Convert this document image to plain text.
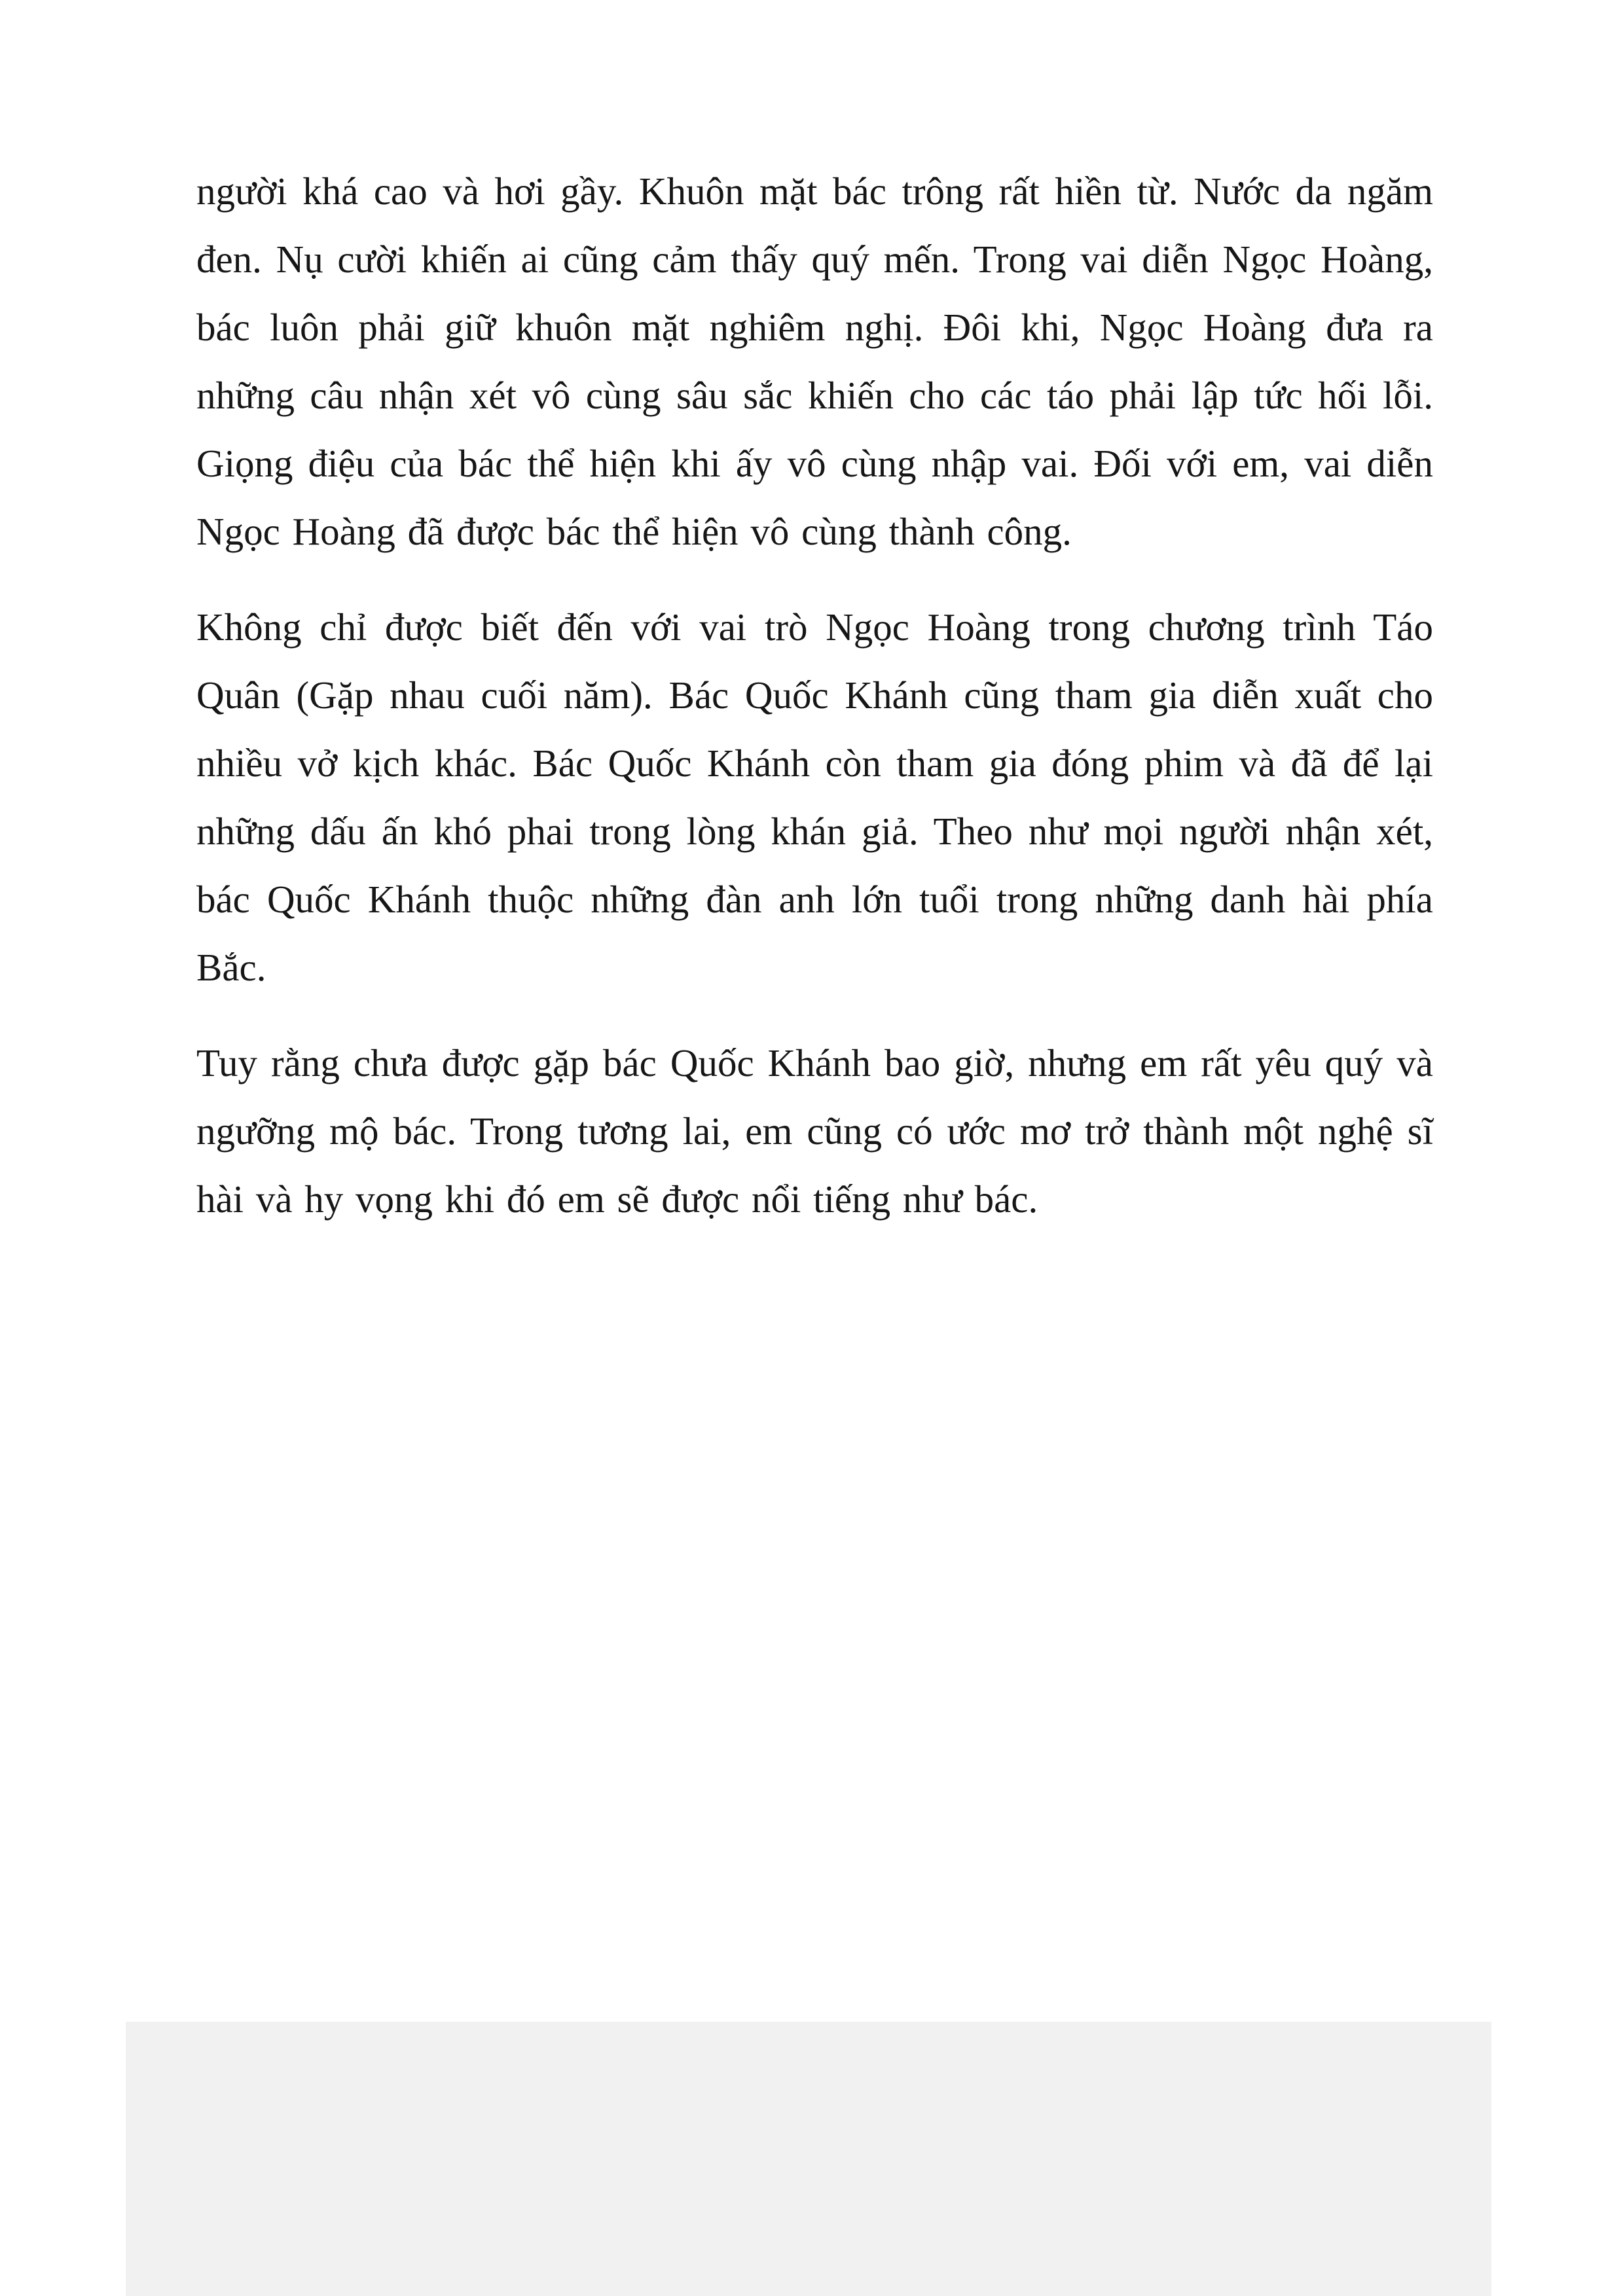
người khá cao và hơi gầy. Khuôn mặt bác trông rất hiền từ. Nước da ngăm đen. Nụ cười khiến ai cũng cảm thấy quý mến. Trong vai diễn Ngọc Hoàng, bác luôn phải giữ khuôn mặt nghiêm nghị. Đôi khi, Ngọc Hoàng đưa ra những câu nhận xét vô cùng sâu sắc khiến cho các táo phải lập tức hối lỗi. Giọng điệu của bác thể hiện khi ấy vô cùng nhập vai. Đối với em, vai diễn Ngọc Hoàng đã được bác thể hiện vô cùng thành công.

Không chỉ được biết đến với vai trò Ngọc Hoàng trong chương trình Táo Quân (Gặp nhau cuối năm). Bác Quốc Khánh cũng tham gia diễn xuất cho nhiều vở kịch khác. Bác Quốc Khánh còn tham gia đóng phim và đã để lại những dấu ấn khó phai trong lòng khán giả. Theo như mọi người nhận xét, bác Quốc Khánh thuộc những đàn anh lớn tuổi trong những danh hài phía Bắc.

Tuy rằng chưa được gặp bác Quốc Khánh bao giờ, nhưng em rất yêu quý và ngưỡng mộ bác. Trong tương lai, em cũng có ước mơ trở thành một nghệ sĩ hài và hy vọng khi đó em sẽ được nổi tiếng như bác.
